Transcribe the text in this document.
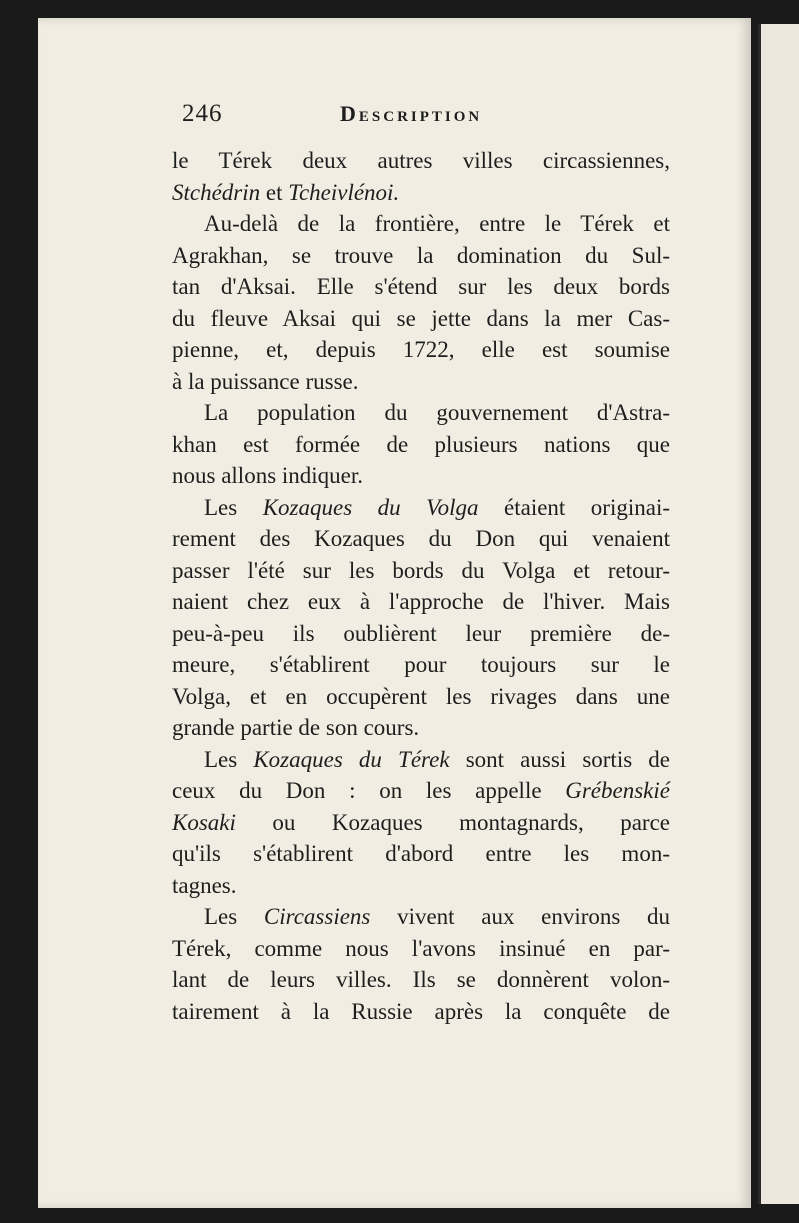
246	Description
le Térek deux autres villes circassiennes,
Stchédrin et Tcheivlénoi.
Au-delà de la frontière, entre le Térek et
Agrakhan, se trouve la domination du Sul-
tan d'Aksai. Elle s'étend sur les deux bords
du fleuve Aksai qui se jette dans la mer Cas-
pienne, et, depuis 1722, elle est soumise
à la puissance russe.
La population du gouvernement d'Astra-
khan est formée de plusieurs nations que
nous allons indiquer.
Les Kozaques du Volga étaient originai-
rement des Kozaques du Don qui venaient
passer l'été sur les bords du Volga et retour-
naient chez eux à l'approche de l'hiver. Mais
peu-à-peu ils oublièrent leur première de-
meure, s'établirent pour toujours sur le
Volga, et en occupèrent les rivages dans une
grande partie de son cours.
Les Kozaques du Térek sont aussi sortis de
ceux du Don : on les appelle Grébenskié
Kosaki ou Kozaques montagnards, parce
qu'ils s'établirent d'abord entre les mon-
tagnes.
Les Circassiens vivent aux environs du
Térek, comme nous l'avons insinué en par-
lant de leurs villes. Ils se donnèrent volon-
tairement à la Russie après la conquête de
